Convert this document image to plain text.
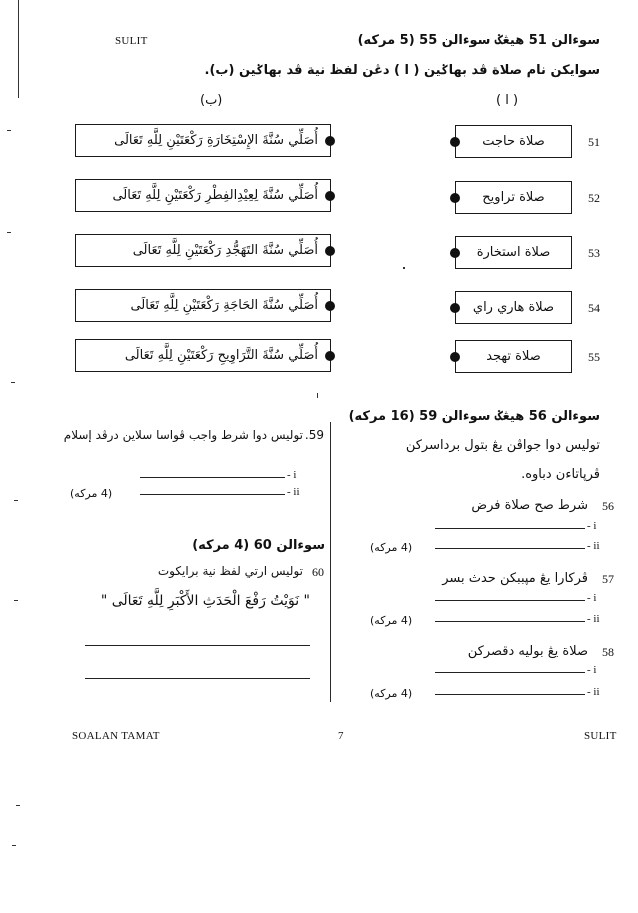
SULIT	سوءالن 51 هيڠݢ سوءالن 55 (5 مركه)
سوايکن نام صلاة ڤد بهاݢين ( ا ) دڠن لفظ نية ڤد بهاݢين (ب).
(ب)	( ا )
أُصَلِّي سُنَّةَ الإِسْتِخَارَةِ رَكْعَتَيْنِ لِلَّهِ تَعَالَى	صلاة حاجت	51
أُصَلِّي سُنَّةَ لِعِيْدِالفِطْرِ رَكْعَتَيْنِ لِلَّهِ تَعَالَى	صلاة تراويح	52
أُصَلِّي سُنَّةَ التَهَجُّدِ رَكْعَتَيْنِ لِلَّهِ تَعَالَى	صلاة استخارة	53
أُصَلِّي سُنَّةَ الحَاجَةِ رَكْعَتَيْنِ لِلَّهِ تَعَالَى	صلاة هاري راي	54
أُصَلِّي سُنَّةَ التَّرَاوِيحِ رَكْعَتَيْنِ لِلَّهِ تَعَالَى	صلاة تهجد	55
سوءالن 56 هيڠݢ سوءالن 59 (16 مركه)
توليس دوا جواڤن يڠ بتول برداسرکن
ڤرڽاتاءن دباوه.
56
شرط صح صلاة فرض
- i
- ii
(4 مركه)
57
ڤرکارا يڠ مڽببکن حدث بسر
- i
- ii
(4 مركه)
58
صلاة يڠ بوليه دقصرکن
- i
- ii
(4 مركه)
59.
توليس دوا شرط واجب ڤواسا سلاين درڤد إسلام
- i
- ii
(4 مركه)
سوءالن 60 (4 مركه)
60
توليس ارتي لفظ نية برايکوت
" نَوَيْتُ رَفْعَ الْحَدَثِ الأَكْبَرِ لِلَّهِ تَعَالَى "
SOALAN TAMAT	7	SULIT
